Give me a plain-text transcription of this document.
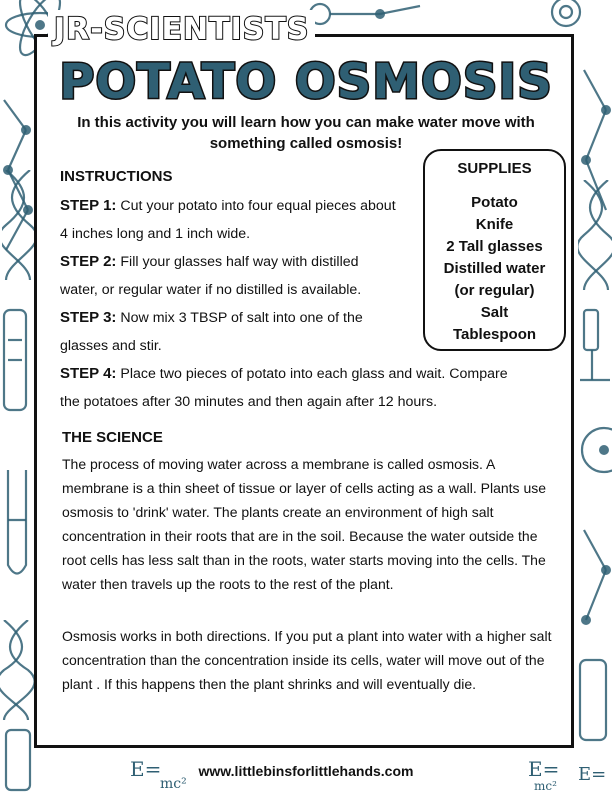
E=
E=
mc²
E=
mc²
JR-SCIENTISTS
POTATO OSMOSIS
In this activity you will learn how you can make water move with something called osmosis!
SUPPLIES
Potato
Knife
2 Tall glasses
Distilled water
(or regular)
Salt
Tablespoon
INSTRUCTIONS
STEP 1: Cut your potato into four equal pieces about
4 inches long and 1 inch wide.
STEP 2: Fill your glasses half way with distilled
water, or regular water if no distilled is available.
STEP 3: Now mix 3 TBSP of salt into one of the
glasses and stir.
STEP 4: Place two pieces of potato into each glass and wait. Compare
the potatoes after 30 minutes and then again after 12 hours.
THE SCIENCE
The process of moving water across a membrane is called osmosis. A membrane is a thin sheet of tissue or layer of cells acting as a wall. Plants use osmosis to 'drink' water. The plants create an environment of high salt concentration in their roots that are in the soil. Because the water outside the root cells has less salt than in the roots, water starts moving into the cells. The water then travels up the roots to the rest of the plant.
Osmosis works in both directions. If you put a plant into water with a higher salt concentration than the concentration inside its cells, water will move out of the plant . If this happens then the plant shrinks and will eventually die.
www.littlebinsforlittlehands.com
